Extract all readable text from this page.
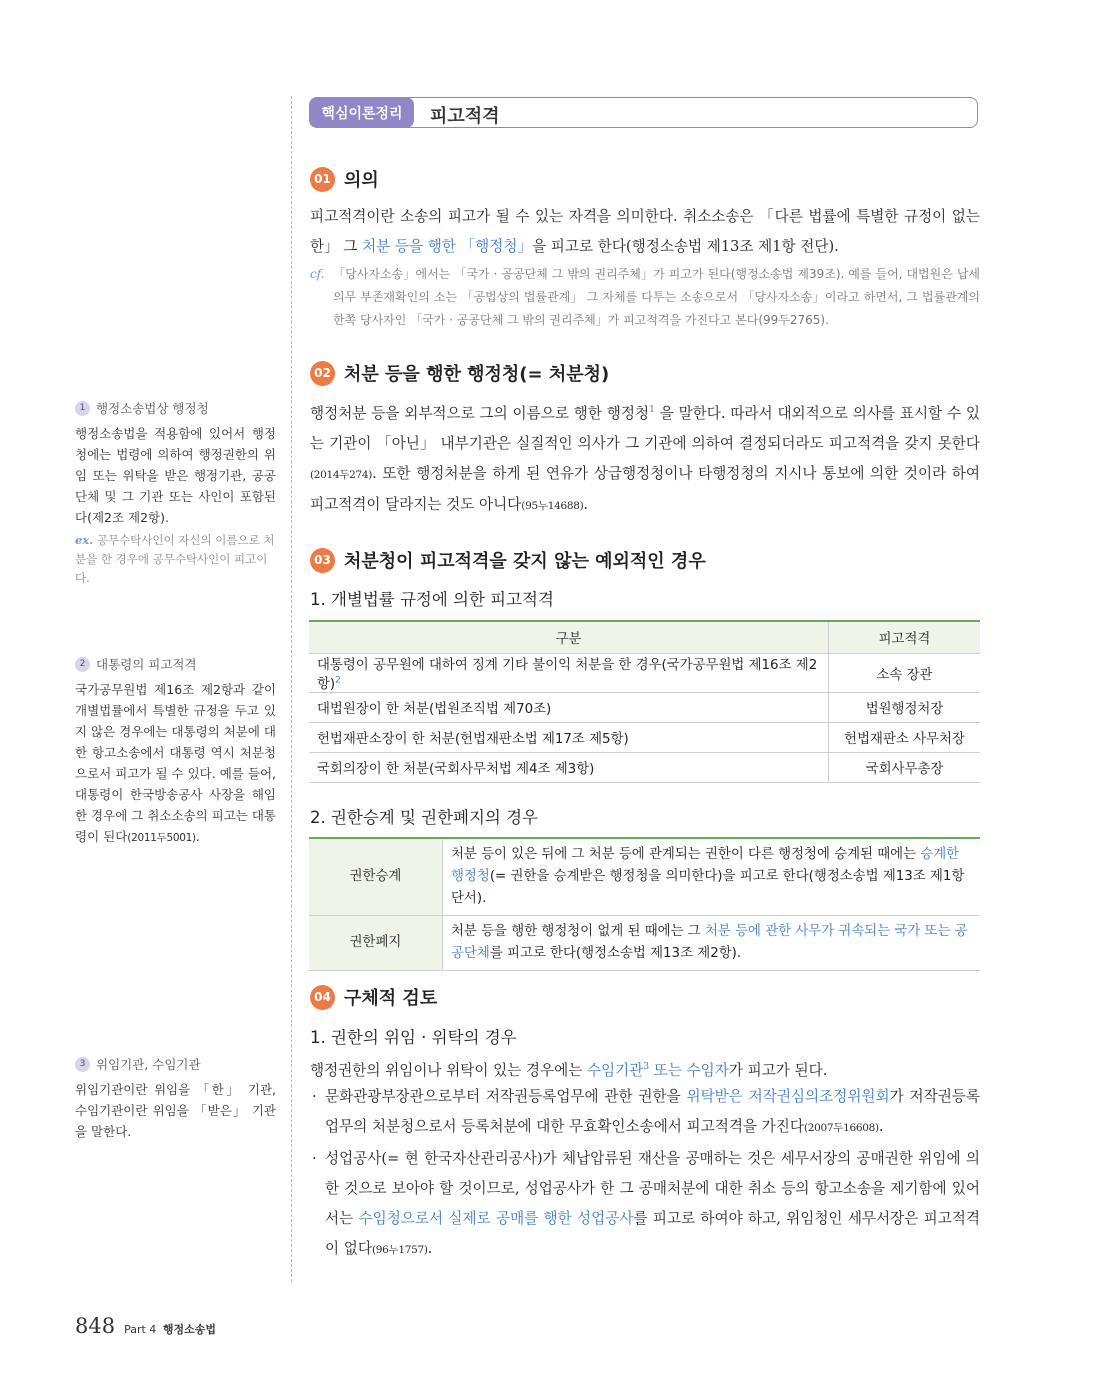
핵심이론정리	피고적격
01 의의
피고적격이란 소송의 피고가 될 수 있는 자격을 의미한다. 취소소송은 「다른 법률에 특별한 규정이 없는 한」 그 처분 등을 행한 「행정청」을 피고로 한다(행정소송법 제13조 제1항 전단).
cf. 「당사자소송」에서는 「국가 · 공공단체 그 밖의 권리주체」가 피고가 된다(행정소송법 제39조). 예를 들어, 대법원은 납세의무 부존재확인의 소는 「공법상의 법률관계」 그 자체를 다투는 소송으로서 「당사자소송」이라고 하면서, 그 법률관계의 한쪽 당사자인 「국가 · 공공단체 그 밖의 권리주체」가 피고적격을 가진다고 본다(99두2765).
02 처분 등을 행한 행정청(= 처분청)
행정처분 등을 외부적으로 그의 이름으로 행한 행정청$^1$ 을 말한다. 따라서 대외적으로 의사를 표시할 수 있는 기관이 「아닌」 내부기관은 실질적인 의사가 그 기관에 의하여 결정되더라도 피고적격을 갖지 못한다(2014두274). 또한 행정처분을 하게 된 연유가 상급행정청이나 타행정청의 지시나 통보에 의한 것이라 하여 피고적격이 달라지는 것도 아니다(95누14688).
03 처분청이 피고적격을 갖지 않는 예외적인 경우
1. 개별법률 규정에 의한 피고적격
구분	피고적격
대통령이 공무원에 대하여 징계 기타 불이익 처분을 한 경우(국가공무원법 제16조 제2항)$^2$	소속 장관
대법원장이 한 처분(법원조직법 제70조)	법원행정처장
헌법재판소장이 한 처분(헌법재판소법 제17조 제5항)	헌법재판소 사무처장
국회의장이 한 처분(국회사무처법 제4조 제3항)	국회사무총장
2. 권한승계 및 권한폐지의 경우
권한승계	처분 등이 있은 뒤에 그 처분 등에 관계되는 권한이 다른 행정청에 승계된 때에는 승계한 행정청(= 권한을 승계받은 행정청을 의미한다)을 피고로 한다(행정소송법 제13조 제1항 단서).
권한폐지	처분 등을 행한 행정청이 없게 된 때에는 그 처분 등에 관한 사무가 귀속되는 국가 또는 공공단체를 피고로 한다(행정소송법 제13조 제2항).
04 구체적 검토
1. 권한의 위임 · 위탁의 경우
행정권한의 위임이나 위탁이 있는 경우에는 수임기관$^3$ 또는 수임자가 피고가 된다.
· 문화관광부장관으로부터 저작권등록업무에 관한 권한을 위탁받은 저작권심의조정위원회가 저작권등록업무의 처분청으로서 등록처분에 대한 무효확인소송에서 피고적격을 가진다(2007두16608).
· 성업공사(= 현 한국자산관리공사)가 체납압류된 재산을 공매하는 것은 세무서장의 공매권한 위임에 의한 것으로 보아야 할 것이므로, 성업공사가 한 그 공매처분에 대한 취소 등의 항고소송을 제기함에 있어서는 수임청으로서 실제로 공매를 행한 성업공사를 피고로 하여야 하고, 위임청인 세무서장은 피고적격이 없다(96누1757).
1 행정소송법상 행정청
행정소송법을 적용함에 있어서 행정청에는 법령에 의하여 행정권한의 위임 또는 위탁을 받은 행정기관, 공공단체 및 그 기관 또는 사인이 포함된다(제2조 제2항).
ex. 공무수탁사인이 자신의 이름으로 처분을 한 경우에 공무수탁사인이 피고이다.
2 대통령의 피고적격
국가공무원법 제16조 제2항과 같이 개별법률에서 특별한 규정을 두고 있지 않은 경우에는 대통령의 처분에 대한 항고소송에서 대통령 역시 처분청으로서 피고가 될 수 있다. 예를 들어, 대통령이 한국방송공사 사장을 해임한 경우에 그 취소소송의 피고는 대통령이 된다(2011두5001).
3 위임기관, 수임기관
위임기관이란 위임을 「한」 기관, 수임기관이란 위임을 「받은」 기관을 말한다.
848 Part 4 행정소송법
